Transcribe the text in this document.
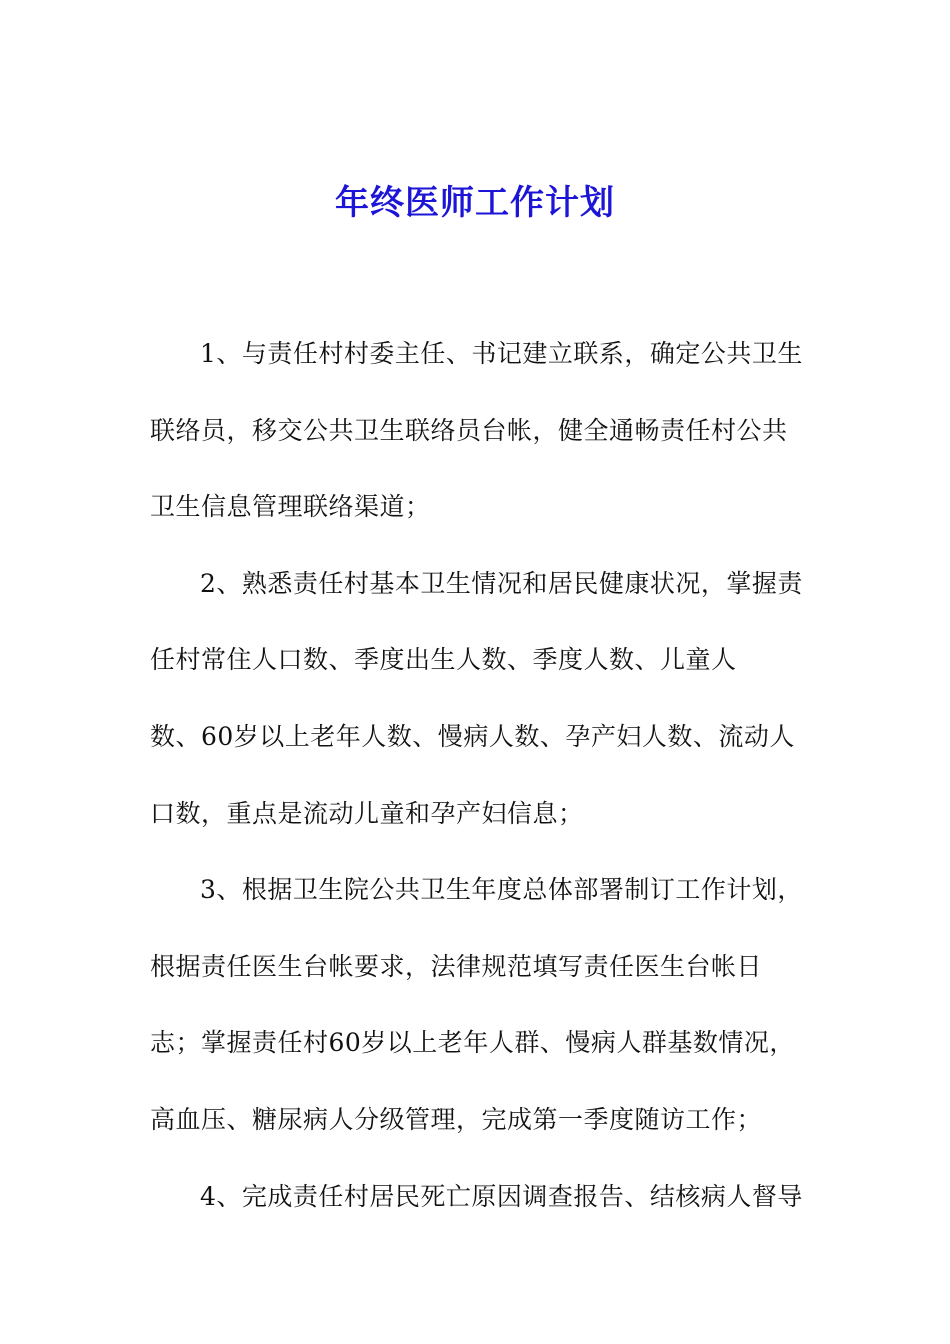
年终医师工作计划
1、与责任村村委主任、书记建立联系，确定公共卫生
联络员，移交公共卫生联络员台帐，健全通畅责任村公共
卫生信息管理联络渠道；
2、熟悉责任村基本卫生情况和居民健康状况，掌握责
任村常住人口数、季度出生人数、季度人数、儿童人
数、60岁以上老年人数、慢病人数、孕产妇人数、流动人
口数，重点是流动儿童和孕产妇信息；
3、根据卫生院公共卫生年度总体部署制订工作计划，
根据责任医生台帐要求，法律规范填写责任医生台帐日
志；掌握责任村60岁以上老年人群、慢病人群基数情况，
高血压、糖尿病人分级管理，完成第一季度随访工作；
4、完成责任村居民死亡原因调查报告、结核病人督导
